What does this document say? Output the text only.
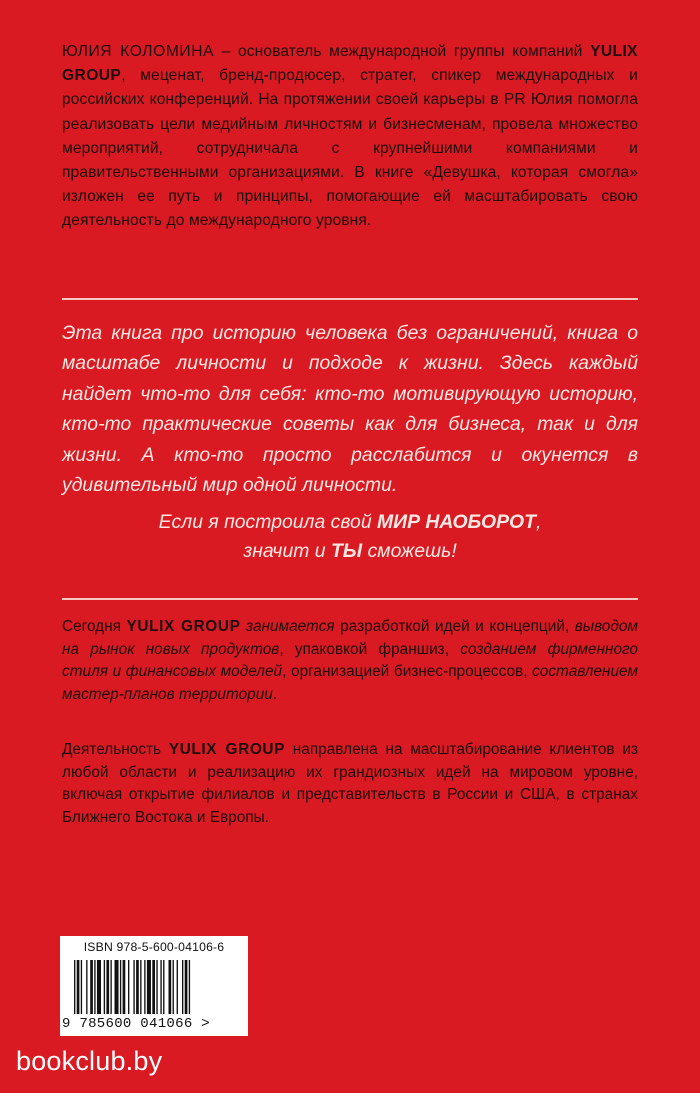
ЮЛИЯ КОЛОМИНА – основатель международной группы компаний YULIX GROUP, меценат, бренд-продюсер, стратег, спикер международных и российских конференций. На протяжении своей карьеры в PR Юлия помогла реализовать цели медийным личностям и бизнесменам, провела множество мероприятий, сотрудничала с крупнейшими компаниями и правительственными организациями. В книге «Девушка, которая смогла» изложен ее путь и принципы, помогающие ей масштабировать свою деятельность до международного уровня.

Эта книга про историю человека без ограничений, книга о масштабе личности и подходе к жизни. Здесь каждый найдет что-то для себя: кто-то мотивирующую историю, кто-то практические советы как для бизнеса, так и для жизни. А кто-то просто расслабится и окунется в удивительный мир одной личности.

Если я построила свой МИР НАОБОРОТ,
значит и ТЫ сможешь!

Сегодня YULIX GROUP занимается разработкой идей и концепций, выводом на рынок новых продуктов, упаковкой франшиз, созданием фирменного стиля и финансовых моделей, организацией бизнес-процессов, составлением мастер-планов территории.

Деятельность YULIX GROUP направлена на масштабирование клиентов из любой области и реализацию их грандиозных идей на мировом уровне, включая открытие филиалов и представительств в России и США, в странах Ближнего Востока и Европы.

ISBN 978-5-600-04106-6
9 785600 041066 >
bookclub.by
